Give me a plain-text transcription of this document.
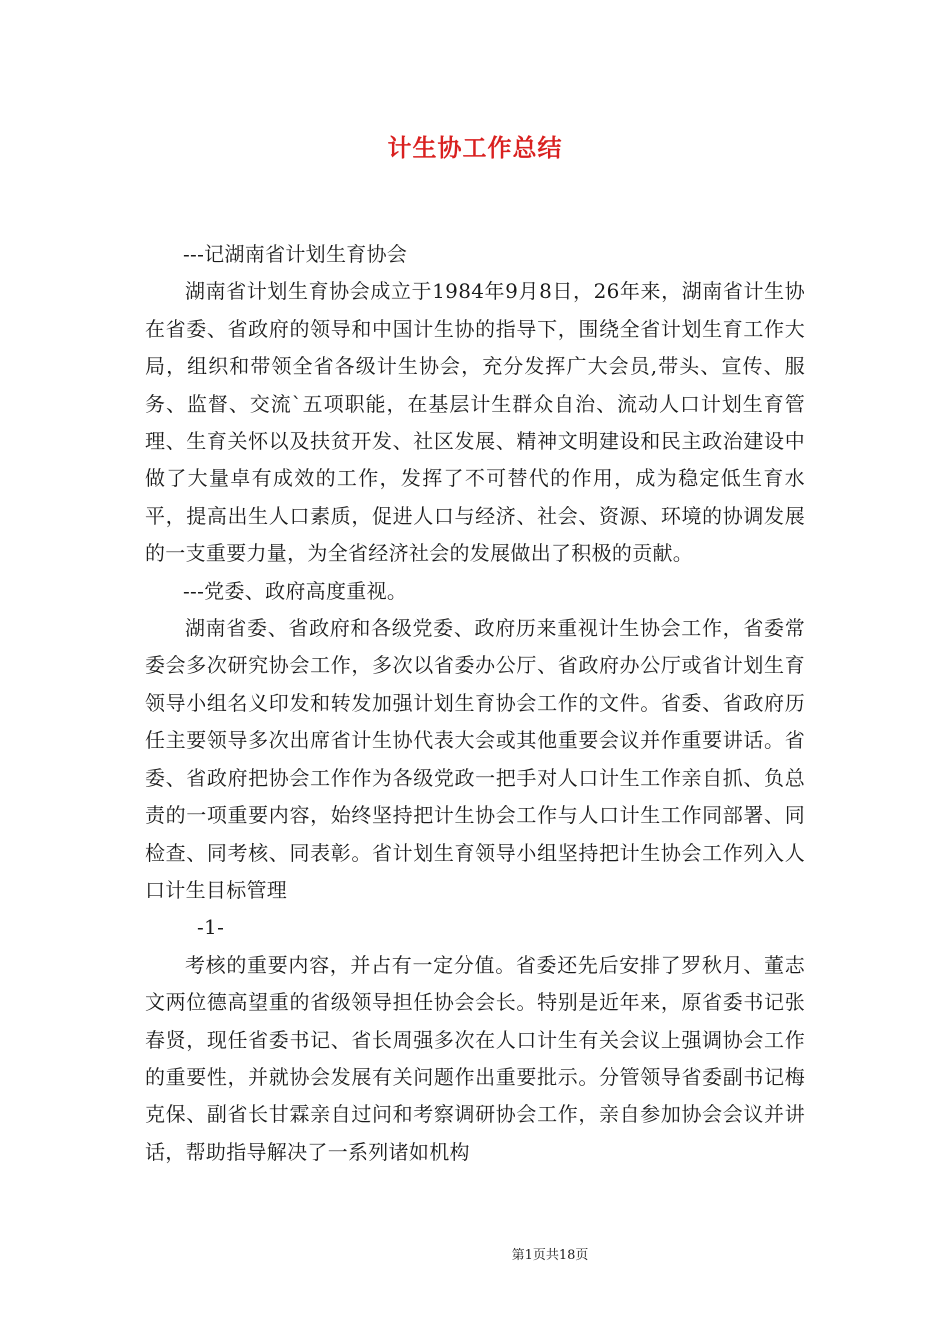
计生协工作总结

---记湖南省计划生育协会

湖南省计划生育协会成立于1984年9月8日，26年来，湖南省计生协在省委、省政府的领导和中国计生协的指导下，围绕全省计划生育工作大局，组织和带领全省各级计生协会，充分发挥广大会员,带头、宣传、服务、监督、交流`五项职能，在基层计生群众自治、流动人口计划生育管理、生育关怀以及扶贫开发、社区发展、精神文明建设和民主政治建设中做了大量卓有成效的工作，发挥了不可替代的作用，成为稳定低生育水平，提高出生人口素质，促进人口与经济、社会、资源、环境的协调发展的一支重要力量，为全省经济社会的发展做出了积极的贡献。

---党委、政府高度重视。

湖南省委、省政府和各级党委、政府历来重视计生协会工作，省委常委会多次研究协会工作，多次以省委办公厅、省政府办公厅或省计划生育领导小组名义印发和转发加强计划生育协会工作的文件。省委、省政府历任主要领导多次出席省计生协代表大会或其他重要会议并作重要讲话。省委、省政府把协会工作作为各级党政一把手对人口计生工作亲自抓、负总责的一项重要内容，始终坚持把计生协会工作与人口计生工作同部署、同检查、同考核、同表彰。省计划生育领导小组坚持把计生协会工作列入人口计生目标管理

-1-

考核的重要内容，并占有一定分值。省委还先后安排了罗秋月、董志文两位德高望重的省级领导担任协会会长。特别是近年来，原省委书记张春贤，现任省委书记、省长周强多次在人口计生有关会议上强调协会工作的重要性，并就协会发展有关问题作出重要批示。分管领导省委副书记梅克保、副省长甘霖亲自过问和考察调研协会工作，亲自参加协会会议并讲话，帮助指导解决了一系列诸如机构

第1页共18页
